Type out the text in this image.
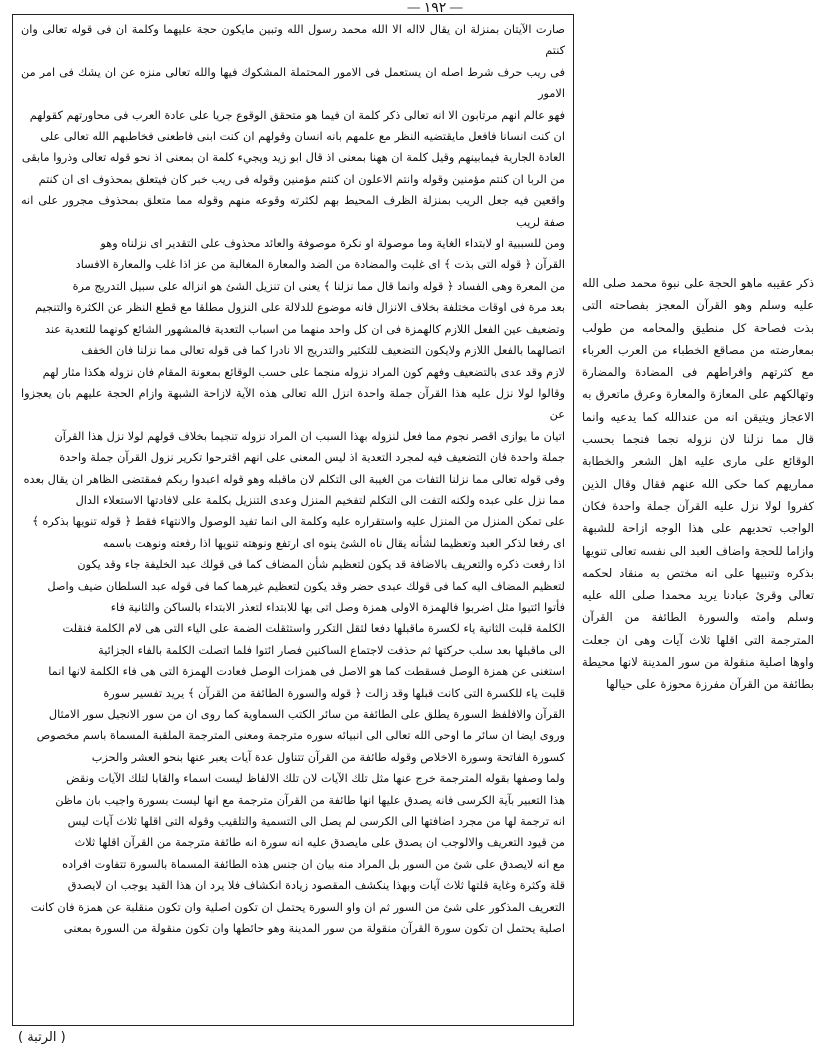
— ١٩٢ —

صارت الآيتان بمنزلة ان يقال لااله الا الله محمد رسول الله وتبين مايكون حجة عليهما وكلمة ان فى قوله تعالى وان كنتم

فى ريب حرف شرط اصله ان يستعمل فى الامور المحتملة المشكوك فيها والله تعالى منزه عن ان يشك فى امر من الامور

فهو عالم انهم مرتابون الا انه تعالى ذكر كلمة ان فيما هو متحقق الوقوع جريا على عادة العرب فى محاورتهم كقولهم

ان كنت انسانا فافعل مايقتضيه النظر مع علمهم بانه انسان وقولهم ان كنت ابنى فاطعنى فخاطبهم الله تعالى على

العادة الجارية فيمابينهم وقيل كلمة ان ههنا بمعنى اذ قال ابو زيد ويجيء كلمة ان بمعنى اذ نحو قوله تعالى وذروا مابقى

من الربا ان كنتم مؤمنين وقوله وانتم الاعلون ان كنتم مؤمنين وقوله فى ريب خبر كان فيتعلق بمحذوف اى ان كنتم

واقعين فيه جعل الريب بمنزلة الظرف المحيط بهم لكثرته وقوعه منهم وقوله مما متعلق بمحذوف مجرور على انه صفة لريب

ومن للسببية او لابتداء الغاية وما موصولة او نكرة موصوفة والعائد محذوف على التقدير اى نزلناه وهو

القرآن ﴿ قوله التى بذت ﴾ اى غلبت والمضادة من الضد والمعارة المغالبة من عز اذا غلب والمعارة الافساد

من المعرة وهى الفساد ﴿ قوله وانما قال مما نزلنا ﴾ يعنى ان تنزيل الشئ هو انزاله على سبيل التدريج مرة

بعد مرة فى اوقات مختلفة بخلاف الانزال فانه موضوع للدلالة على النزول مطلقا مع قطع النظر عن الكثرة والتنجيم

وتضعيف عين الفعل اللازم كالهمزة فى ان كل واحد منهما من اسباب التعدية فالمشهور الشائع كونهما للتعدية عند

اتصالهما بالفعل اللازم ولايكون التضعيف للتكثير والتدريج الا نادرا كما فى قوله تعالى مما نزلنا فان الخفف

لازم وقد عدى بالتضعيف وفهم كون المراد نزوله منجما على حسب الوقائع بمعونة المقام فان نزوله هكذا مثار لهم

وقالوا لولا نزل عليه هذا القرآن جملة واحدة انزل الله تعالى هذه الآية لازاحة الشبهة وازام الحجة عليهم بان يعجزوا عن

اتيان ما يوازى اقصر نجوم مما فعل لنزوله بهذا السبب ان المراد نزوله تنجيما بخلاف قولهم لولا نزل هذا القرآن

جملة واحدة فان التضعيف فيه لمجرد التعدية اذ ليس المعنى على انهم اقترحوا تكرير نزول القرآن جملة واحدة

وفى قوله تعالى مما نزلنا التفات من الغيبة الى التكلم لان ماقبله وهو قوله اعبدوا ربكم فمقتضى الظاهر ان يقال بعده

مما نزل على عبده ولكنه التفت الى التكلم لتفخيم المنزل وعدى التنزيل بكلمة على لافادتها الاستعلاء الدال

على تمكن المنزل من المنزل عليه واستقراره عليه وكلمة الى انما تفيد الوصول والانتهاء فقط ﴿ قوله تنويها بذكره ﴾

اى رفعا لذكر العبد وتعظيما لشأنه يقال ناه الشئ ينوه اى ارتفع ونوهته تنويها اذا رفعته ونوهت باسمه

اذا رفعت ذكره والتعريف بالاضافة قد يكون لتعظيم شأن المضاف كما فى قولك عبد الخليفة جاء وقد يكون

لتعظيم المضاف اليه كما فى قولك عبدى حضر وقد يكون لتعظيم غيرهما كما فى قوله عبد السلطان ضيف واصل

فأتوا ائتيوا مثل اضربوا فالهمزة الاولى همزة وصل اتى بها للابتداء لتعذر الابتداء بالساكن والثانية فاء

الكلمة قلبت الثانية ياء لكسرة ماقبلها دفعا لثقل التكرر واستثقلت الضمة على الياء التى هى لام الكلمة فنقلت

الى ماقبلها بعد سلب حركتها ثم حذفت لاجتماع الساكنين فصار ائتوا فلما اتصلت الكلمة بالفاء الجزائية

استغنى عن همزة الوصل فسقطت كما هو الاصل فى همزات الوصل فعادت الهمزة التى هى فاء الكلمة لانها انما

قلبت ياء للكسرة التى كانت قبلها وقد زالت ﴿ قوله والسورة الطائفة من القرآن ﴾ يريد تفسير سورة

القرآن والافلفظ السورة يطلق على الطائفة من سائر الكتب السماوية كما روى ان من سور الانجيل سور الامثال

وروى ايضا ان سائر ما اوحى الله تعالى الى انبيائه سوره مترجمة ومعنى المترجمة الملقبة المسماة باسم مخصوص

كسورة الفاتحة وسورة الاخلاص وقوله طائفة من القرآن تتناول عدة آيات يعبر عنها بنحو العشر والحزب

ولما وصفها بقوله المترجمة خرج عنها مثل تلك الآيات لان تلك الالفاظ ليست اسماء والقابا لتلك الآيات ونقض

هذا التعبير بآية الكرسى فانه يصدق عليها انها طائفة من القرآن مترجمة مع انها ليست بسورة واجيب بان ماظن

انه ترجمة لها من مجرد اضافتها الى الكرسى لم يصل الى التسمية والتلقيب وقوله التى اقلها ثلاث آيات ليس

من قيود التعريف والالوجب ان يصدق على مايصدق عليه انه سورة انه طائفة مترجمة من القرآن اقلها ثلاث

مع انه لايصدق على شئ من السور بل المراد منه بيان ان جنس هذه الطائفة المسماة بالسورة تتفاوت افراده

قلة وكثرة وغاية قلتها ثلاث آيات وبهذا ينكشف المقصود زيادة انكشاف فلا يرد ان هذا القيد يوجب ان لايصدق

التعريف المذكور على شئ من السور ثم ان واو السورة يحتمل ان تكون اصلية وان تكون منقلبة عن همزة فان كانت

اصلية يحتمل ان تكون سورة القرآن منقولة من سور المدينة وهو حائطها وان تكون منقولة من السورة بمعنى

ذكر عقيبه ماهو الحجة على نبوة محمد صلى الله عليه وسلم وهو القرآن المعجز بفصاحته التى بذت فصاحة كل منطيق والمحامه من طولب بمعارضته من مصاقع الخطباء من العرب العرباء مع كثرتهم وافراطهم فى المضادة والمضارة وتهالكهم على المعازة والمعارة وعرق ماتعرق به الاعجاز ويتيقن انه من عندالله كما يدعيه وانما قال مما نزلنا لان نزوله نجما فنجما بحسب الوقائع على مارى عليه اهل الشعر والخطابة مماريهم كما حكى الله عنهم فقال وقال الذين كفروا لولا نزل عليه القرآن جملة واحدة فكان الواجب تحديهم على هذا الوجه ازاحة للشبهة وازاما للحجة واضاف العبد الى نفسه تعالى تنويها بذكره وتنبيها على انه مختص به منقاد لحكمه تعالى وقرئ عبادنا يريد محمدا صلى الله عليه وسلم وامته والسورة الطائفة من القرآن المترجمة التى اقلها ثلاث آيات وهى ان جعلت واوها اصلية منقولة من سور المدينة لانها محيطة بطائفة من القرآن مفرزة محوزة على حيالها
( الرتبة )
